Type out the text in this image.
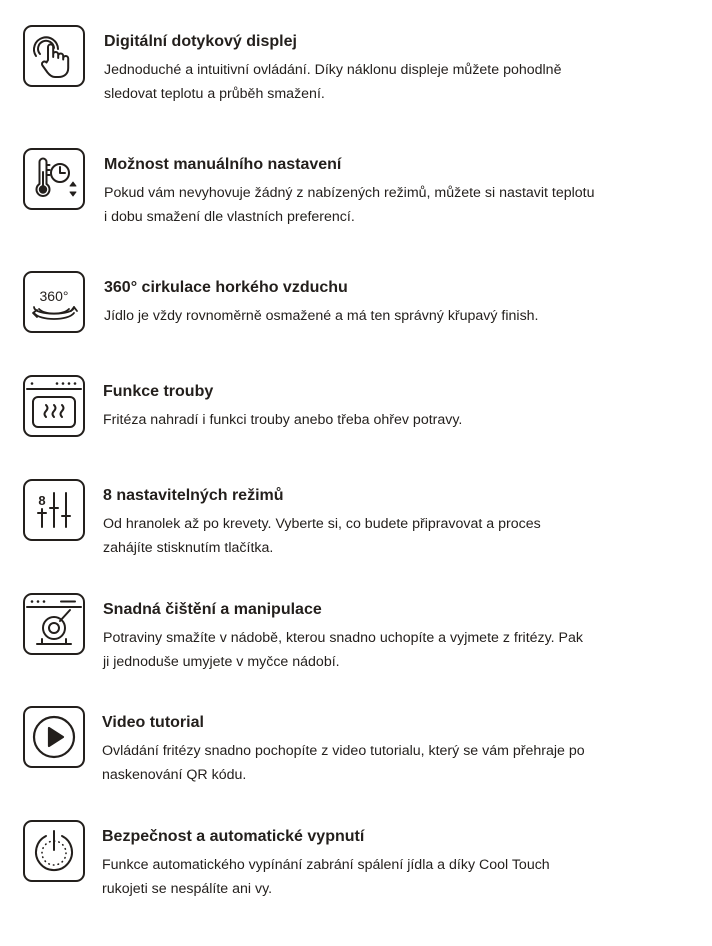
Digitální dotykový displej
Jednoduché a intuitivní ovládání. Díky náklonu displeje můžete pohodlně
sledovat teplotu a průběh smažení.
Možnost manuálního nastavení
Pokud vám nevyhovuje žádný z nabízených režimů, můžete si nastavit teplotu
i dobu smažení dle vlastních preferencí.
360° 360° cirkulace horkého vzduchu
Jídlo je vždy rovnoměrně osmažené a má ten správný křupavý finish.
Funkce trouby
Fritéza nahradí i funkci trouby anebo třeba ohřev potravy.
8	8 nastavitelných režimů
Od hranolek až po krevety. Vyberte si, co budete připravovat a proces
zahájíte stisknutím tlačítka.
Snadná čištění a manipulace
Potraviny smažíte v nádobě, kterou snadno uchopíte a vyjmete z fritézy. Pak
ji jednoduše umyjete v myčce nádobí.
Video tutorial
Ovládání fritézy snadno pochopíte z video tutorialu, který se vám přehraje po
naskenování QR kódu.
Bezpečnost a automatické vypnutí
Funkce automatického vypínání zabrání spálení jídla a díky Cool Touch
rukojeti se nespálíte ani vy.
